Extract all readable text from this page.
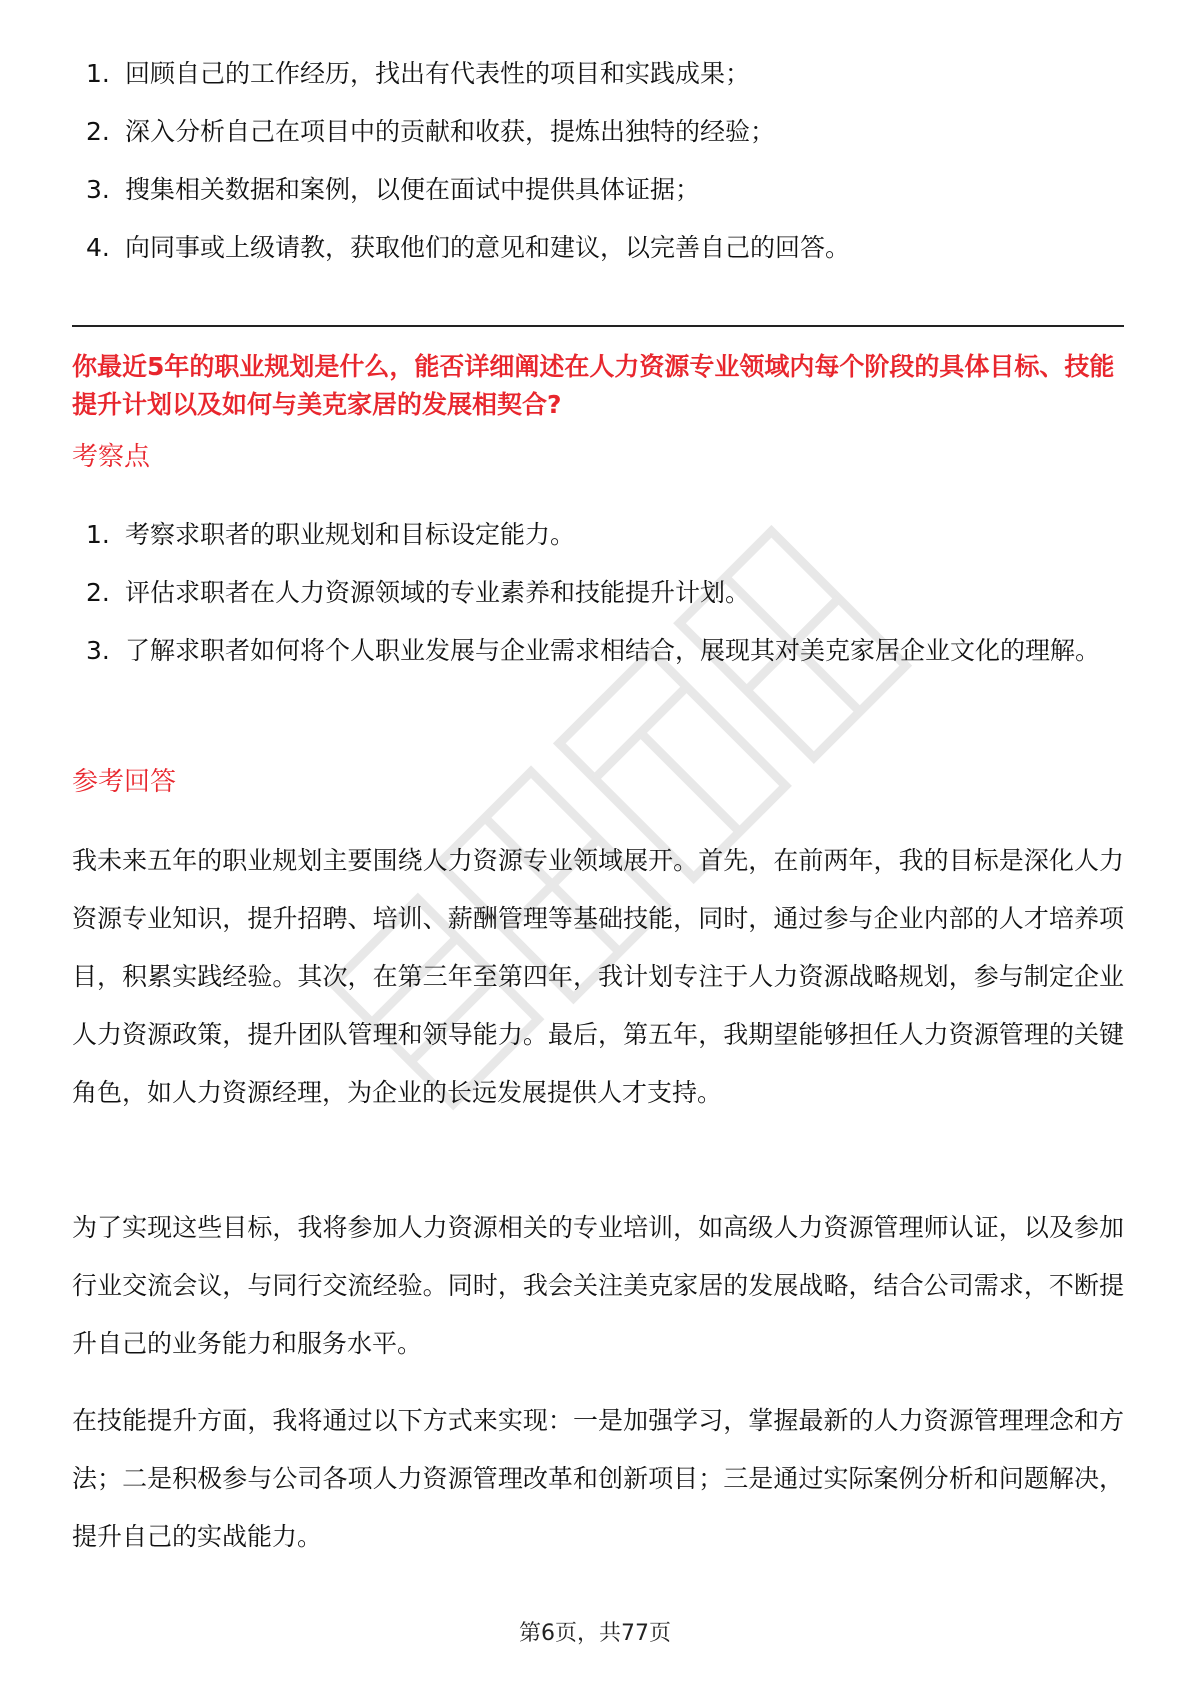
1. 回顾自己的工作经历，找出有代表性的项目和实践成果；
2. 深入分析自己在项目中的贡献和收获，提炼出独特的经验；
3. 搜集相关数据和案例，以便在面试中提供具体证据；
4. 向同事或上级请教，获取他们的意见和建议，以完善自己的回答。
你最近5年的职业规划是什么，能否详细阐述在人力资源专业领域内每个阶段的具体目标、技能提升计划以及如何与美克家居的发展相契合?
考察点
1. 考察求职者的职业规划和目标设定能力。
2. 评估求职者在人力资源领域的专业素养和技能提升计划。
3. 了解求职者如何将个人职业发展与企业需求相结合，展现其对美克家居企业文化的理解。
参考回答

我未来五年的职业规划主要围绕人力资源专业领域展开。首先，在前两年，我的目标是深化人力资源专业知识，提升招聘、培训、薪酬管理等基础技能，同时，通过参与企业内部的人才培养项目，积累实践经验。其次，在第三年至第四年，我计划专注于人力资源战略规划，参与制定企业人力资源政策，提升团队管理和领导能力。最后，第五年，我期望能够担任人力资源管理的关键角色，如人力资源经理，为企业的长远发展提供人才支持。

为了实现这些目标，我将参加人力资源相关的专业培训，如高级人力资源管理师认证，以及参加行业交流会议，与同行交流经验。同时，我会关注美克家居的发展战略，结合公司需求，不断提升自己的业务能力和服务水平。

在技能提升方面，我将通过以下方式来实现：一是加强学习，掌握最新的人力资源管理理念和方法；二是积极参与公司各项人力资源管理改革和创新项目；三是通过实际案例分析和问题解决，提升自己的实战能力。

第6页，共77页
